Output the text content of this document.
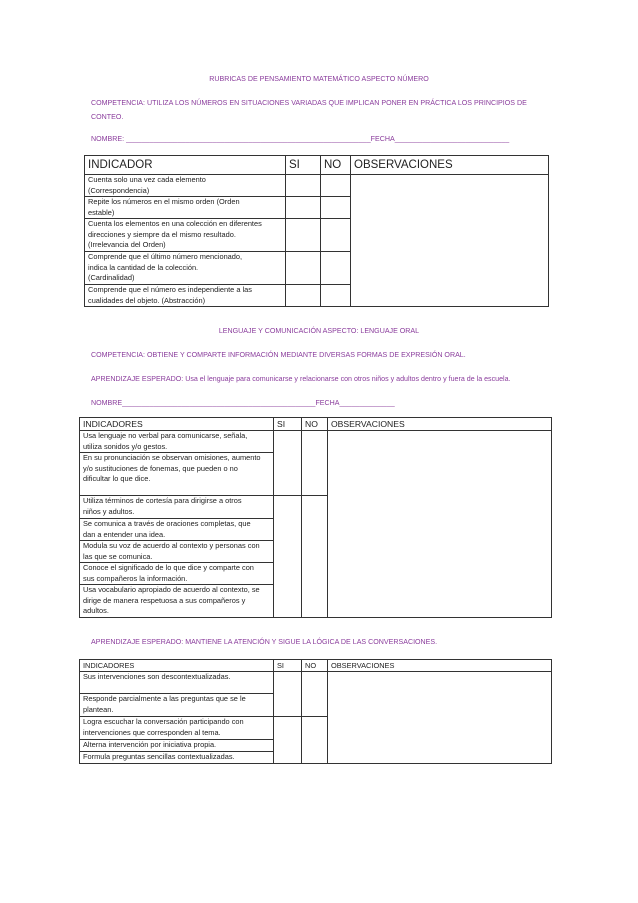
RUBRICAS DE PENSAMIENTO MATEMÁTICO ASPECTO NÚMERO
COMPETENCIA: UTILIZA LOS NÚMEROS EN SITUACIONES VARIADAS QUE IMPLICAN PONER EN PRÁCTICA LOS PRINCIPIOS DE
CONTEO.
NOMBRE: ______________________________________________________________FECHA_____________________________
INDICADOR	SI	NO	OBSERVACIONES

Cuenta solo una vez cada elemento
(Correspondencia)			

Repite los números en el mismo orden (Orden
estable)			

Cuenta los elementos en una colección en diferentes
direcciones y siempre da el mismo resultado.
(Irrelevancia del Orden)			

Comprende que el último número mencionado,
indica la cantidad de la colección.
(Cardinalidad)			

Comprende que el número es independiente a las
cualidades del objeto. (Abstracción)			

LENGUAJE Y COMUNICACIÓN ASPECTO: LENGUAJE ORAL
COMPETENCIA: OBTIENE Y COMPARTE INFORMACIÓN MEDIANTE DIVERSAS FORMAS DE EXPRESIÓN ORAL.
APRENDIZAJE ESPERADO: Usa el lenguaje para comunicarse y relacionarse con otros niños y adultos dentro y fuera de la escuela.
NOMBRE_________________________________________________FECHA______________
INDICADORES	SI	NO	OBSERVACIONES

Usa lenguaje no verbal para comunicarse, señala,
utiliza sonidos y/o gestos.			

En su pronunciación se observan omisiones, aumento
y/o sustituciones de fonemas, que pueden o no
dificultar lo que dice.			

Utiliza términos de cortesía para dirigirse a otros
niños y adultos.			

Se comunica a través de oraciones completas, que
dan a entender una idea.			

Modula su voz de acuerdo al contexto y personas con
las que se comunica.			

Conoce el significado de lo que dice y comparte con
sus compañeros la información.			

Usa vocabulario apropiado de acuerdo al contexto, se
dirige de manera respetuosa a sus compañeros y
adultos.			
APRENDIZAJE ESPERADO: MANTIENE LA ATENCIÓN Y SIGUE LA LÓGICA DE LAS CONVERSACIONES.
INDICADORES	SI	NO	OBSERVACIONES

Sus intervenciones son descontextualizadas.			

Responde parcialmente a las preguntas que se le
plantean.			

Logra escuchar la conversación participando con
intervenciones que corresponden al tema.			

Alterna intervención por iniciativa propia.			

Formula preguntas sencillas contextualizadas.			
